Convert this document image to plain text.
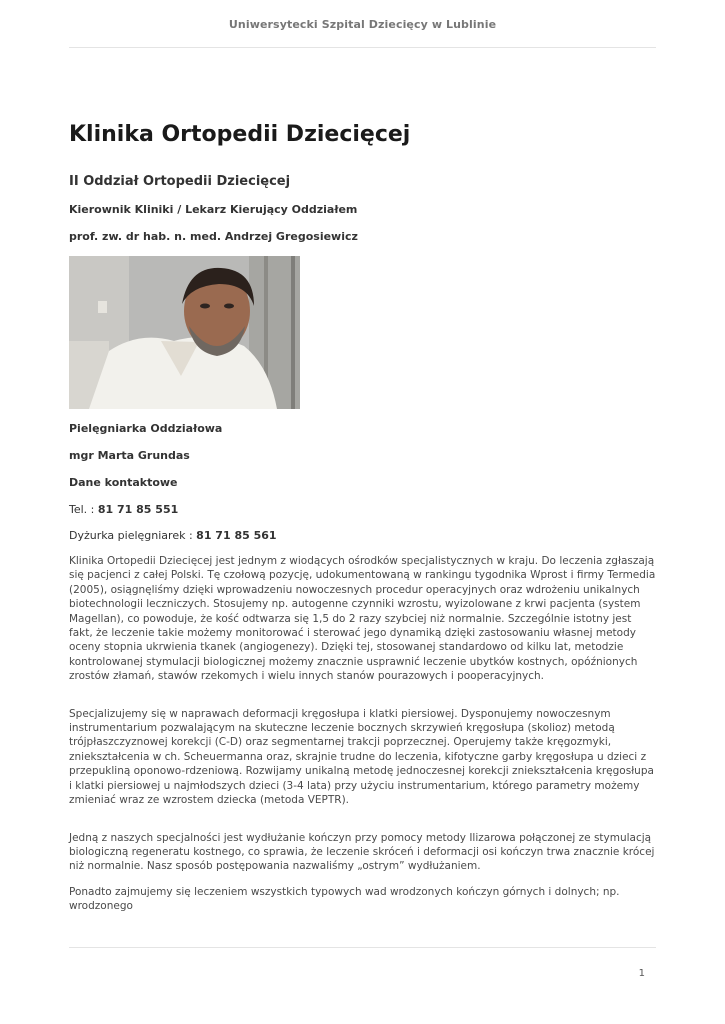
Uniwersytecki Szpital Dziecięcy w Lublinie
Klinika Ortopedii Dziecięcej
II Oddział Ortopedii Dziecięcej

Kierownik Kliniki / Lekarz Kierujący Oddziałem

prof. zw. dr hab. n. med. Andrzej Gregosiewicz

Pielęgniarka Oddziałowa

mgr Marta Grundas

Dane kontaktowe

Tel. : 81 71 85 551

Dyżurka pielęgniarek : 81 71 85 561

Klinika Ortopedii Dziecięcej jest jednym z wiodących ośrodków specjalistycznych w kraju. Do leczenia zgłaszają się pacjenci z całej Polski. Tę czołową pozycję, udokumentowaną w rankingu tygodnika Wprost i firmy Termedia (2005), osiągnęliśmy dzięki wprowadzeniu nowoczesnych procedur operacyjnych oraz wdrożeniu unikalnych biotechnologii leczniczych. Stosujemy np. autogenne czynniki wzrostu, wyizolowane z krwi pacjenta (system Magellan), co powoduje, że kość odtwarza się 1,5 do 2 razy szybciej niż normalnie. Szczególnie istotny jest fakt, że leczenie takie możemy monitorować i sterować jego dynamiką dzięki zastosowaniu własnej metody oceny stopnia ukrwienia tkanek (angiogenezy). Dzięki tej, stosowanej standardowo od kilku lat, metodzie kontrolowanej stymulacji biologicznej możemy znacznie usprawnić leczenie ubytków kostnych, opóźnionych zrostów złamań, stawów rzekomych i wielu innych stanów pourazowych i pooperacyjnych.

Specjalizujemy się w naprawach deformacji kręgosłupa i klatki piersiowej. Dysponujemy nowoczesnym instrumentarium pozwalającym na skuteczne leczenie bocznych skrzywień kręgosłupa (skolioz) metodą trójpłaszczyznowej korekcji (C-D) oraz segmentarnej trakcji poprzecznej. Operujemy także kręgozmyki, zniekształcenia w ch. Scheuermanna oraz, skrajnie trudne do leczenia, kifotyczne garby kręgosłupa u dzieci z przepukliną oponowo-rdzeniową. Rozwijamy unikalną metodę jednoczesnej korekcji zniekształcenia kręgosłupa i klatki piersiowej u najmłodszych dzieci (3-4 lata) przy użyciu instrumentarium, którego parametry możemy zmieniać wraz ze wzrostem dziecka (metoda VEPTR).

Jedną z naszych specjalności jest wydłużanie kończyn przy pomocy metody Ilizarowa połączonej ze stymulacją biologiczną regeneratu kostnego, co sprawia, że leczenie skróceń i deformacji osi kończyn trwa znacznie krócej niż normalnie. Nasz sposób postępowania nazwaliśmy „ostrym” wydłużaniem.

Ponadto zajmujemy się leczeniem wszystkich typowych wad wrodzonych kończyn górnych i dolnych; np. wrodzonego

1
